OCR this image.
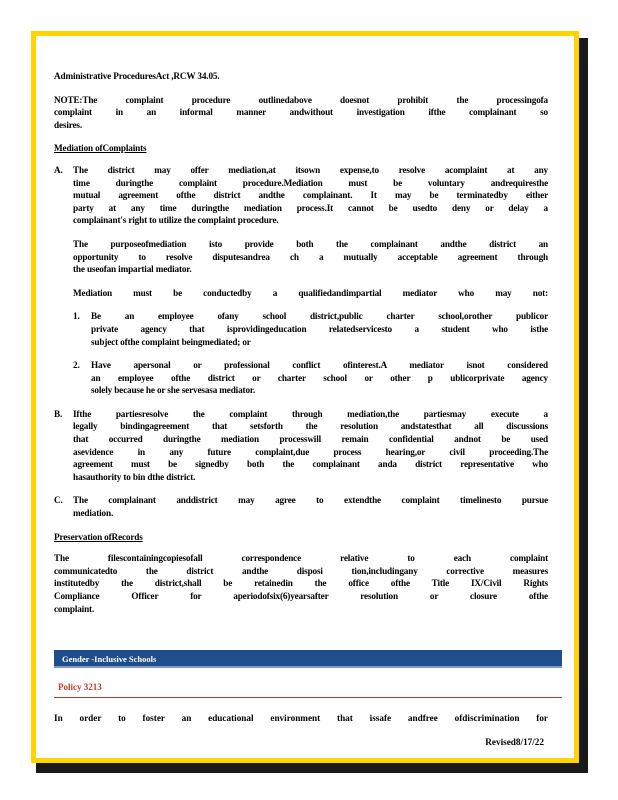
Administrative ProceduresAct ,RCW 34.05.

NOTE:The complaint procedure outlinedabove doesnot prohibit the processingofa

complaint in an informal manner andwithout investigation ifthe complainant so

desires.

Mediation ofComplaints
A. The district may offer mediation,at itsown expense,to resolve acomplaint at any

time duringthe complaint procedure.Mediation must be voluntary andrequiresthe

mutual agreement ofthe district andthe complainant. It may be terminatedby either

party at any time duringthe mediation process.It cannot be usedto deny or delay a

complainant's right to utilize the complaint procedure.

The purposeofmediation isto provide both the complainant andthe district an

opportunity to resolve disputesandrea ch a mutually acceptable agreement through

the useofan impartial mediator.

Mediation must be conductedby a qualifiedandimpartial mediator who may not:

1. Be an employee ofany school district,public charter school,orother publicor

private agency that isprovidingeducation relatedservicesto a student who isthe

subject ofthe complaint beingmediated; or

2. Have apersonal or professional conflict ofinterest.A mediator isnot considered

an employee ofthe district or charter school or other p ublicorprivate agency

solely because he or she servesasa mediator.

B. Ifthe partiesresolve the complaint through mediation,the partiesmay execute a

legally bindingagreement that setsforth the resolution andstatesthat all discussions

that occurred duringthe mediation processwill remain confidential andnot be used

asevidence in any future complaint,due process hearing,or civil proceeding.The

agreement must be signedby both the complainant anda district representative who

hasauthority to bin dthe district.

C. The complainant anddistrict may agree to extendthe complaint timelinesto pursue

mediation.

Preservation ofRecords

The filescontainingcopiesofall correspondence relative to each complaint

communicatedto the district andthe disposi tion,includingany corrective measures

institutedby the district,shall be retainedin the office ofthe Title IX/Civil Rights

Compliance Officer for aperiodofsix(6)yearsafter resolution or closure ofthe

complaint.

Gender -Inclusive Schools
Policy 3213

In order to foster an educational environment that issafe andfree ofdiscrimination for

Revised8/17/22
